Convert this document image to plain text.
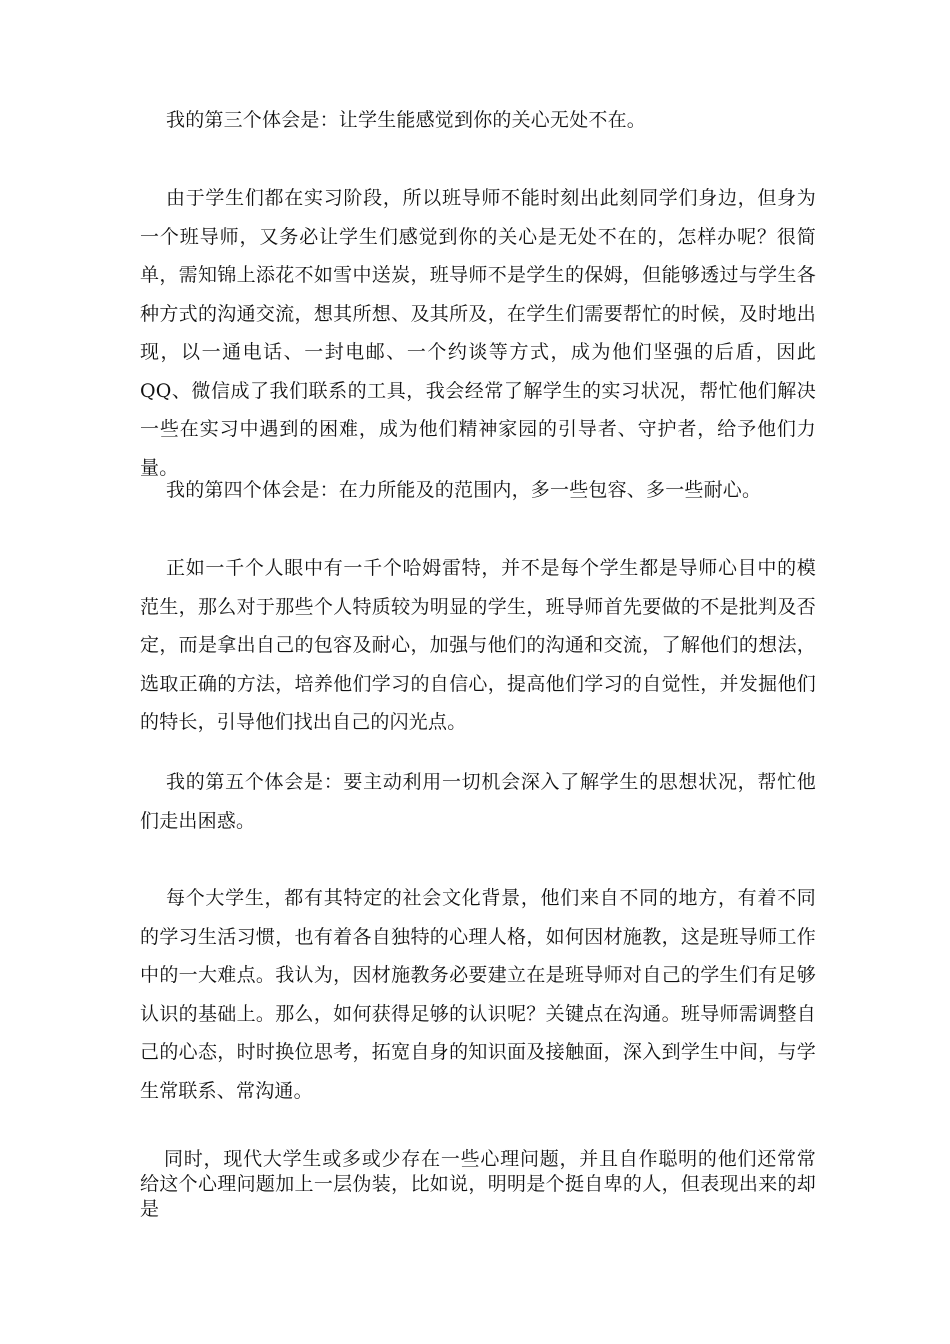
我的第三个体会是：让学生能感觉到你的关心无处不在。

由于学生们都在实习阶段，所以班导师不能时刻出此刻同学们身边，但身为一个班导师，又务必让学生们感觉到你的关心是无处不在的，怎样办呢？很简单，需知锦上添花不如雪中送炭，班导师不是学生的保姆，但能够透过与学生各种方式的沟通交流，想其所想、及其所及，在学生们需要帮忙的时候，及时地出现，以一通电话、一封电邮、一个约谈等方式，成为他们坚强的后盾，因此QQ、微信成了我们联系的工具，我会经常了解学生的实习状况，帮忙他们解决一些在实习中遇到的困难，成为他们精神家园的引导者、守护者，给予他们力量。

我的第四个体会是：在力所能及的范围内，多一些包容、多一些耐心。

正如一千个人眼中有一千个哈姆雷特，并不是每个学生都是导师心目中的模范生，那么对于那些个人特质较为明显的学生，班导师首先要做的不是批判及否定，而是拿出自己的包容及耐心，加强与他们的沟通和交流，了解他们的想法，选取正确的方法，培养他们学习的自信心，提高他们学习的自觉性，并发掘他们的特长，引导他们找出自己的闪光点。

我的第五个体会是：要主动利用一切机会深入了解学生的思想状况，帮忙他们走出困惑。

每个大学生，都有其特定的社会文化背景，他们来自不同的地方，有着不同的学习生活习惯，也有着各自独特的心理人格，如何因材施教，这是班导师工作中的一大难点。我认为，因材施教务必要建立在是班导师对自己的学生们有足够认识的基础上。那么，如何获得足够的认识呢？关键点在沟通。班导师需调整自己的心态，时时换位思考，拓宽自身的知识面及接触面，深入到学生中间，与学生常联系、常沟通。

同时，现代大学生或多或少存在一些心理问题，并且自作聪明的他们还常常给这个心理问题加上一层伪装，比如说，明明是个挺自卑的人，但表现出来的却是
